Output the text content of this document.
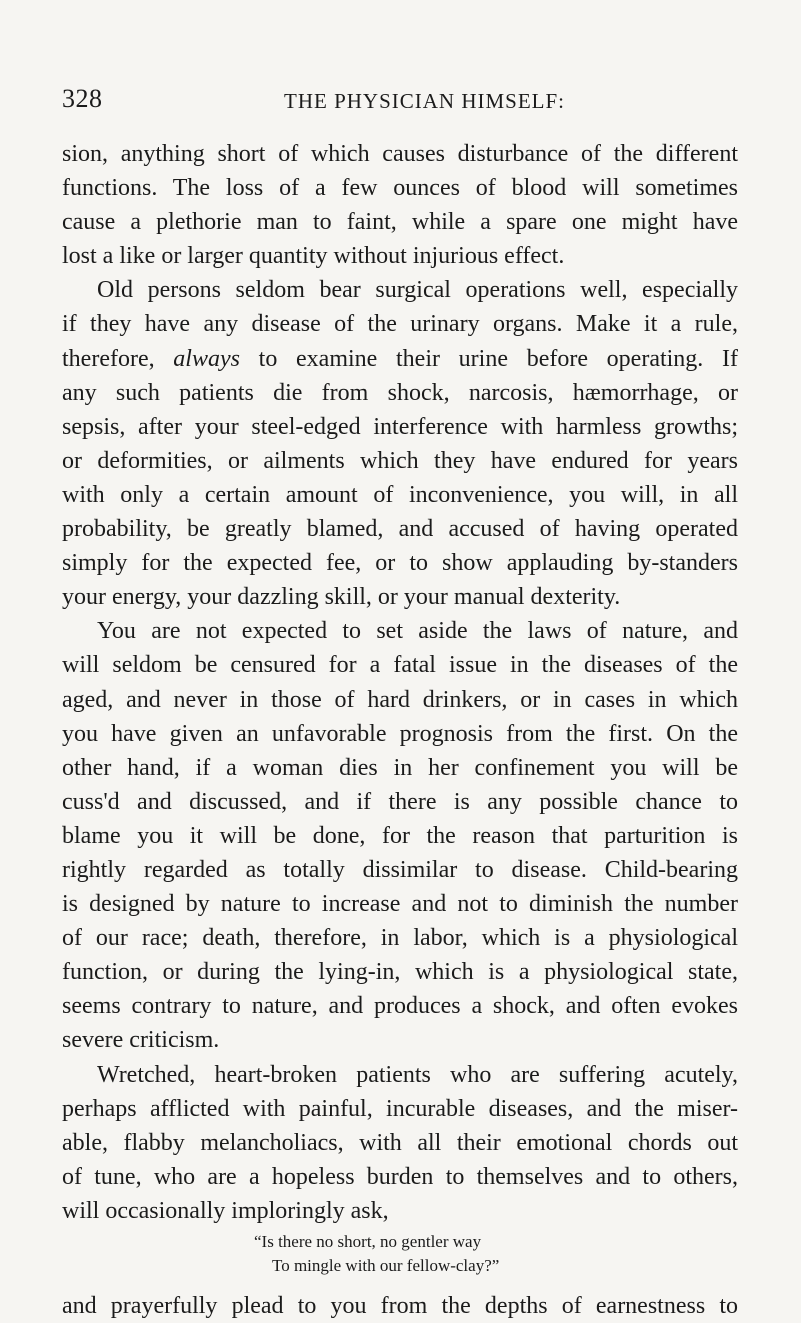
328	THE PHYSICIAN HIMSELF:
sion, anything short of which causes disturbance of the different
functions. The loss of a few ounces of blood will sometimes
cause a plethorie man to faint, while a spare one might have
lost a like or larger quantity without injurious effect.
Old persons seldom bear surgical operations well, especially
if they have any disease of the urinary organs. Make it a rule,
therefore, always to examine their urine before operating. If
any such patients die from shock, narcosis, hæmorrhage, or
sepsis, after your steel-edged interference with harmless growths;
or deformities, or ailments which they have endured for years
with only a certain amount of inconvenience, you will, in all
probability, be greatly blamed, and accused of having operated
simply for the expected fee, or to show applauding by-standers
your energy, your dazzling skill, or your manual dexterity.
You are not expected to set aside the laws of nature, and
will seldom be censured for a fatal issue in the diseases of the
aged, and never in those of hard drinkers, or in cases in which
you have given an unfavorable prognosis from the first. On the
other hand, if a woman dies in her confinement you will be
cuss'd and discussed, and if there is any possible chance to
blame you it will be done, for the reason that parturition is
rightly regarded as totally dissimilar to disease. Child-bearing
is designed by nature to increase and not to diminish the number
of our race; death, therefore, in labor, which is a physiological
function, or during the lying-in, which is a physiological state,
seems contrary to nature, and produces a shock, and often evokes
severe criticism.
Wretched, heart-broken patients who are suffering acutely,
perhaps afflicted with painful, incurable diseases, and the miser-
able, flabby melancholiacs, with all their emotional chords out
of tune, who are a hopeless burden to themselves and to others,
will occasionally imploringly ask,
“Is there no short, no gentler way
To mingle with our fellow-clay?”
and prayerfully plead to you from the depths of earnestness to
